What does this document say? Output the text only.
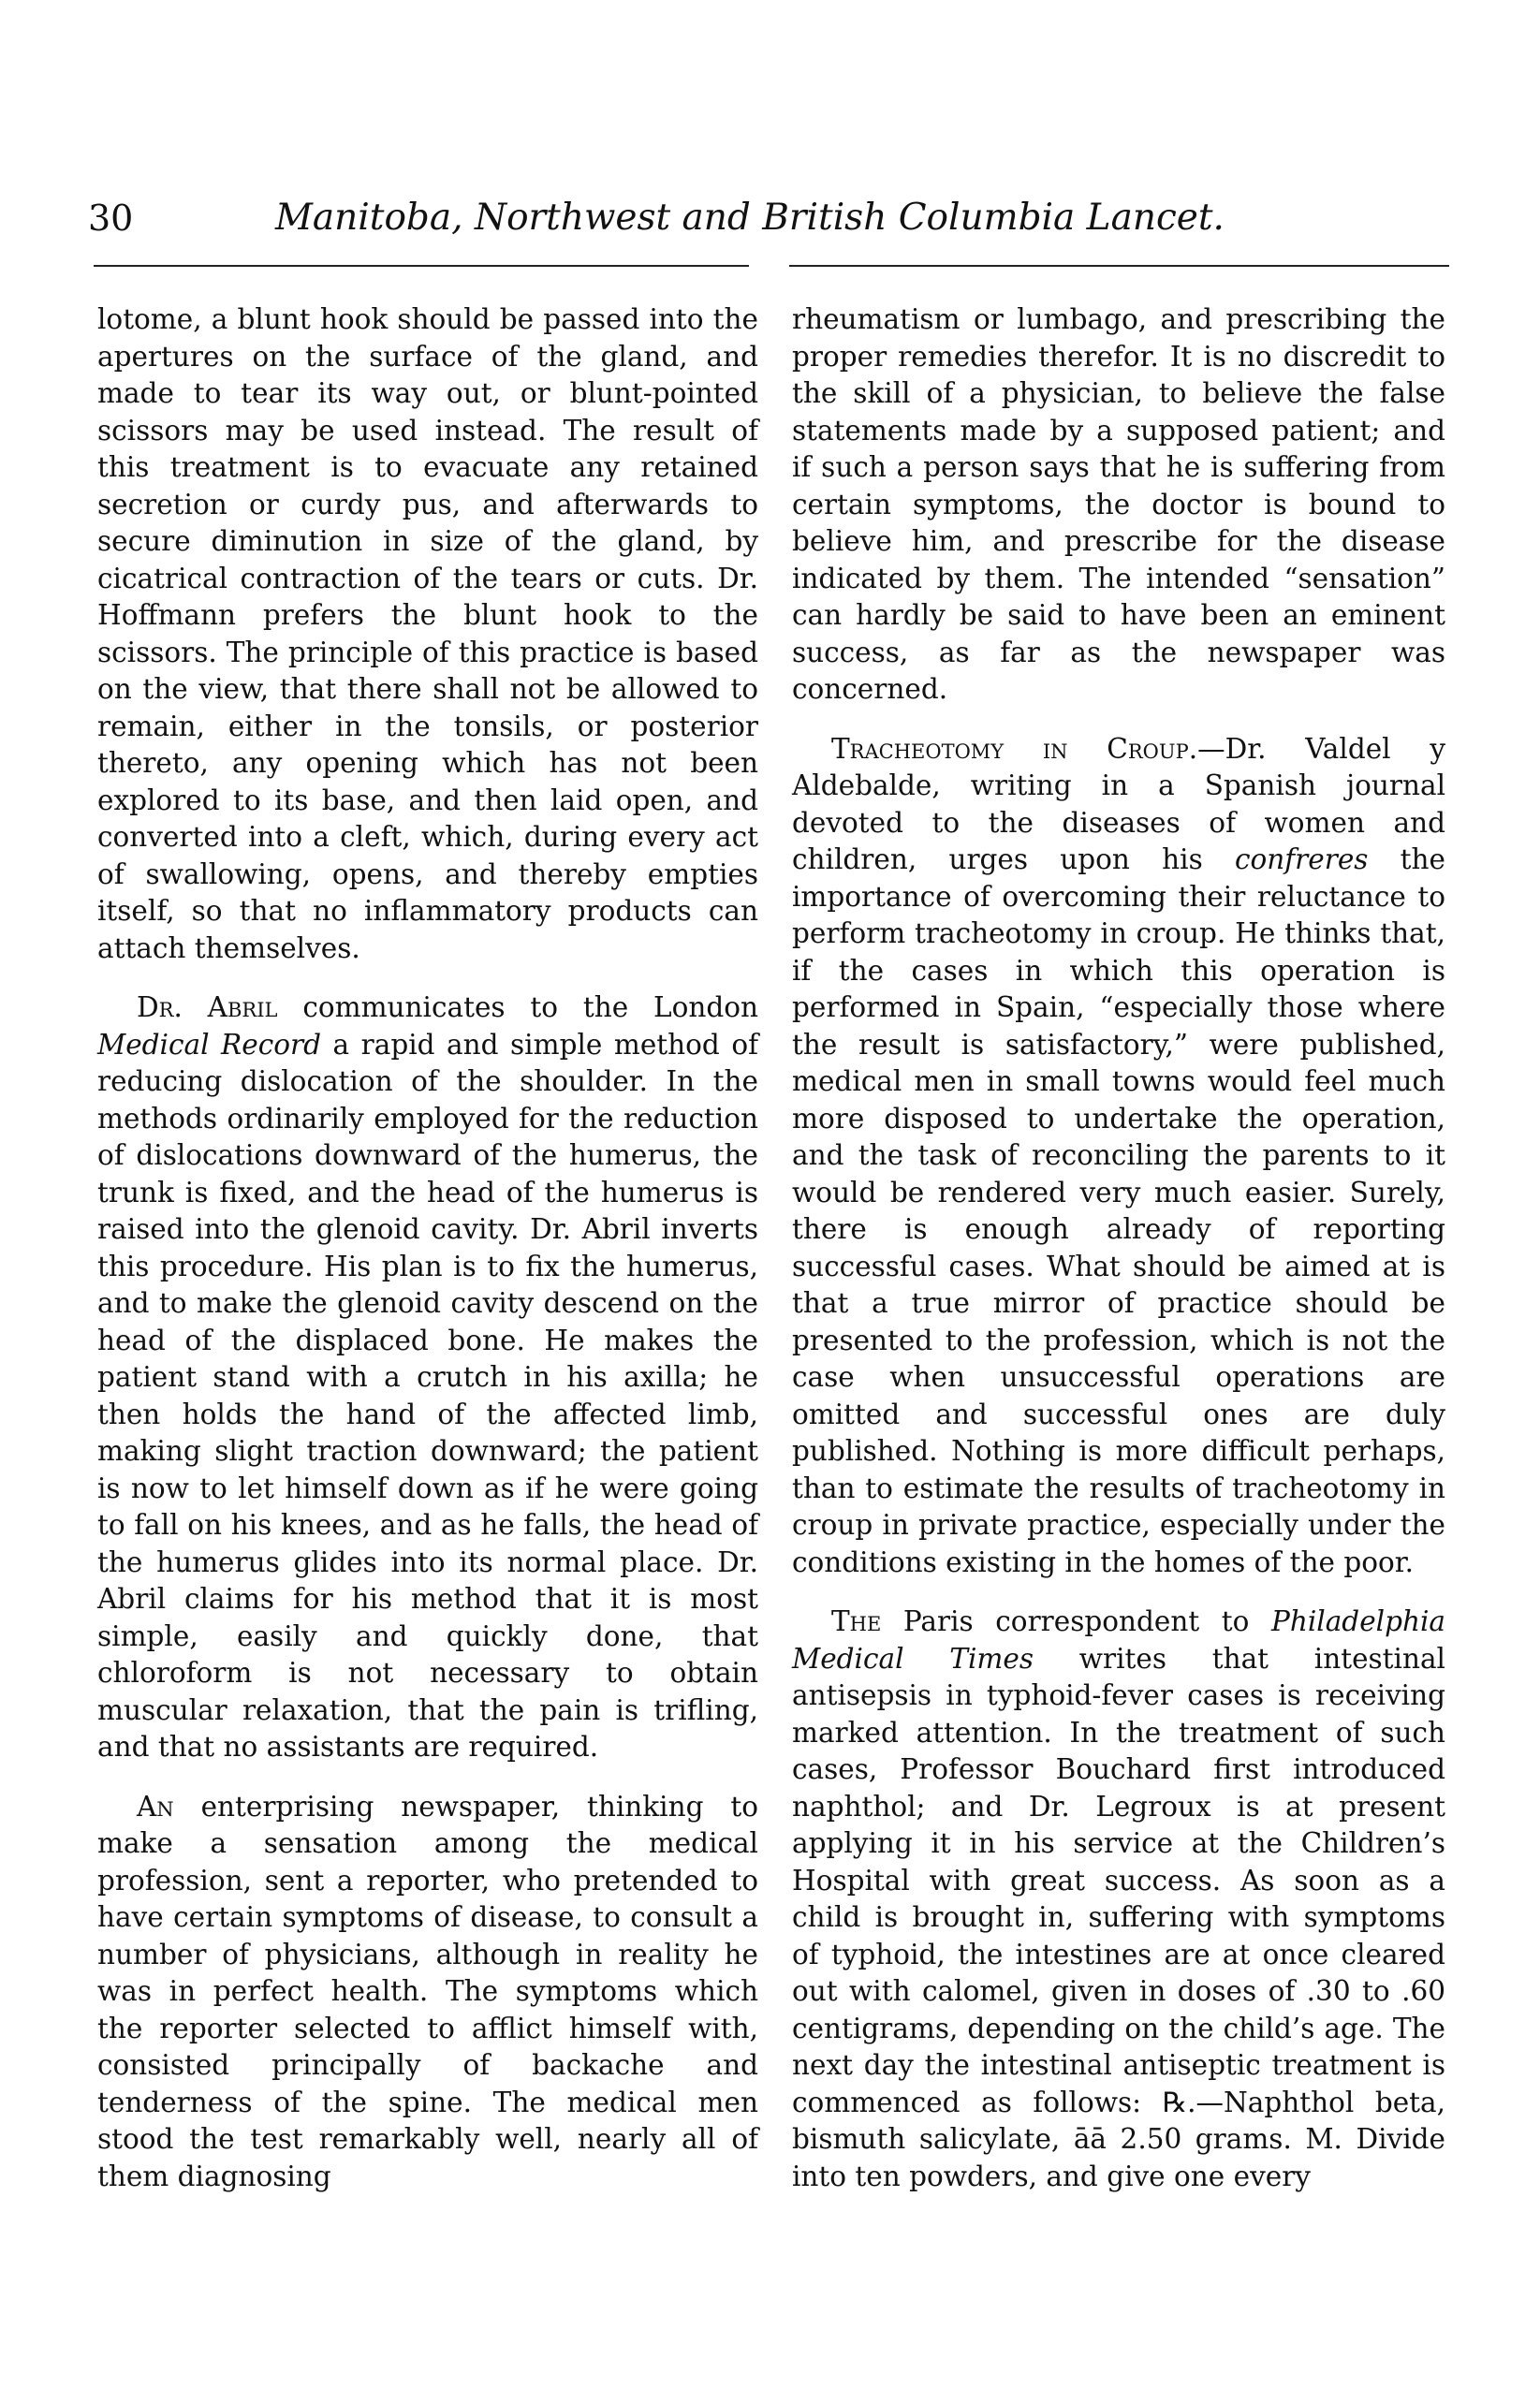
30	Manitoba, Northwest and British Columbia Lancet.

lotome, a blunt hook should be passed into the apertures on the surface of the gland, and made to tear its way out, or blunt-pointed scissors may be used instead. The result of this treatment is to evacuate any retained secretion or curdy pus, and afterwards to secure diminution in size of the gland, by cicatrical contraction of the tears or cuts. Dr. Hoffmann prefers the blunt hook to the scissors. The principle of this practice is based on the view, that there shall not be allowed to remain, either in the tonsils, or posterior thereto, any opening which has not been explored to its base, and then laid open, and converted into a cleft, which, during every act of swallowing, opens, and thereby empties itself, so that no inflammatory products can attach themselves.

Dr. Abril communicates to the London Medical Record a rapid and simple method of reducing dislocation of the shoulder. In the methods ordinarily employed for the reduction of dislocations downward of the humerus, the trunk is fixed, and the head of the humerus is raised into the glenoid cavity. Dr. Abril inverts this procedure. His plan is to fix the humerus, and to make the glenoid cavity descend on the head of the displaced bone. He makes the patient stand with a crutch in his axilla; he then holds the hand of the affected limb, making slight traction downward; the patient is now to let himself down as if he were going to fall on his knees, and as he falls, the head of the humerus glides into its normal place. Dr. Abril claims for his method that it is most simple, easily and quickly done, that chloroform is not necessary to obtain muscular relaxation, that the pain is trifling, and that no assistants are required.

An enterprising newspaper, thinking to make a sensation among the medical profession, sent a reporter, who pretended to have certain symptoms of disease, to consult a number of physicians, although in reality he was in perfect health. The symptoms which the reporter selected to afflict himself with, consisted principally of backache and tenderness of the spine. The medical men stood the test remarkably well, nearly all of them diagnosing

rheumatism or lumbago, and prescribing the proper remedies therefor. It is no discredit to the skill of a physician, to believe the false statements made by a supposed patient; and if such a person says that he is suffering from certain symptoms, the doctor is bound to believe him, and prescribe for the disease indicated by them. The intended “sensation” can hardly be said to have been an eminent success, as far as the newspaper was concerned.

Tracheotomy in Croup.—Dr. Valdel y Aldebalde, writing in a Spanish journal devoted to the diseases of women and children, urges upon his confreres the importance of overcoming their reluctance to perform tracheotomy in croup. He thinks that, if the cases in which this operation is performed in Spain, “especially those where the result is satisfactory,” were published, medical men in small towns would feel much more disposed to undertake the operation, and the task of reconciling the parents to it would be rendered very much easier. Surely, there is enough already of reporting successful cases. What should be aimed at is that a true mirror of practice should be presented to the profession, which is not the case when unsuccessful operations are omitted and successful ones are duly published. Nothing is more difficult perhaps, than to estimate the results of tracheotomy in croup in private practice, especially under the conditions existing in the homes of the poor.

The Paris correspondent to Philadelphia Medical Times writes that intestinal antisepsis in typhoid-fever cases is receiving marked attention. In the treatment of such cases, Professor Bouchard first introduced naphthol; and Dr. Legroux is at present applying it in his service at the Children’s Hospital with great success. As soon as a child is brought in, suffering with symptoms of typhoid, the intestines are at once cleared out with calomel, given in doses of .30 to .60 centigrams, depending on the child’s age. The next day the intestinal antiseptic treatment is commenced as follows: ℞.—Naphthol beta, bismuth salicylate, āā 2.50 grams. M. Divide into ten powders, and give one every
